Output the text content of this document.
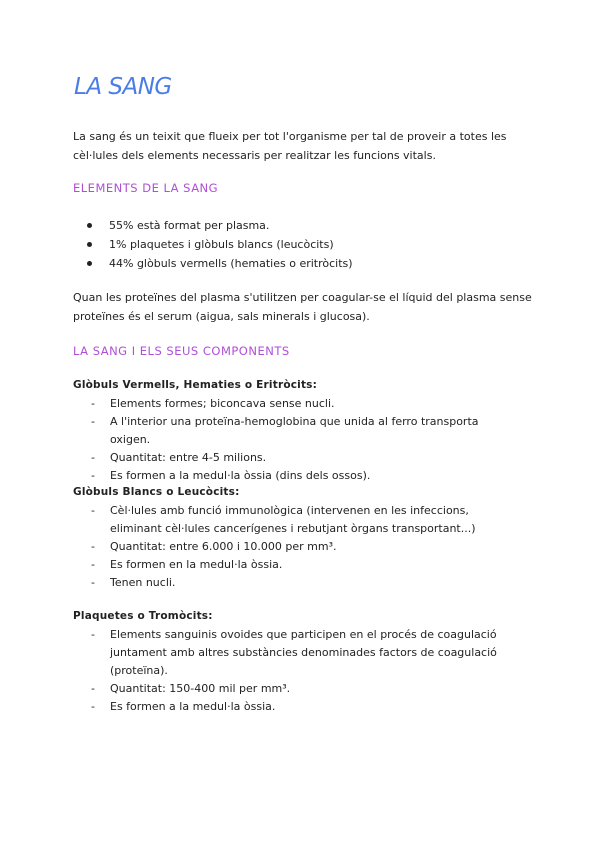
LA SANG

La sang és un teixit que flueix per tot l'organisme per tal de proveir a totes les cèl·lules dels elements necessaris per realitzar les funcions vitals.

ELEMENTS DE LA SANG
55% està format per plasma.
1% plaquetes i glòbuls blancs (leucòcits)
44% glòbuls vermells (hematies o eritròcits)

Quan les proteïnes del plasma s'utilitzen per coagular-se el líquid del plasma sense proteïnes és el serum (aigua, sals minerals i glucosa).

LA SANG I ELS SEUS COMPONENTS
Glòbuls Vermells, Hematies o Eritròcits:
- Elements formes; biconcava sense nucli.
- A l'interior una proteïna-hemoglobina que unida al ferro transporta oxigen.
- Quantitat: entre 4-5 milions.
- Es formen a la medul·la òssia (dins dels ossos).
Glòbuls Blancs o Leucòcits:
- Cèl·lules amb funció immunològica (intervenen en les infeccions, eliminant cèl·lules cancerígenes i rebutjant òrgans transportant...)
- Quantitat: entre 6.000 i 10.000 per mm³.
- Es formen en la medul·la òssia.
- Tenen nucli.
Plaquetes o Tromòcits:
- Elements sanguinis ovoides que participen en el procés de coagulació juntament amb altres substàncies denominades factors de coagulació (proteïna).
- Quantitat: 150-400 mil per mm³.
- Es formen a la medul·la òssia.
